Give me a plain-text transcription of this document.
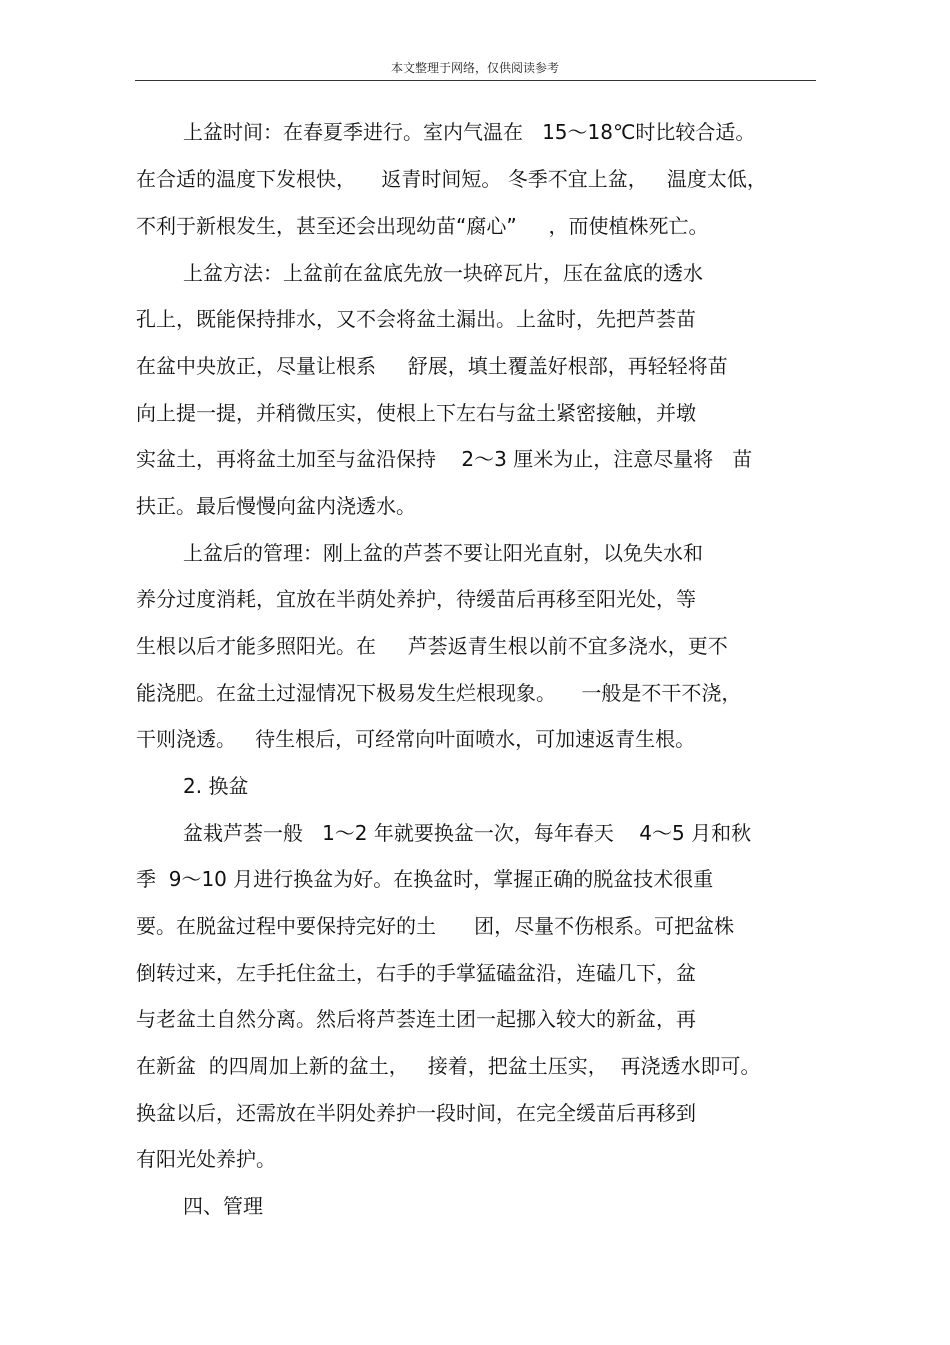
本文整理于网络，仅供阅读参考
上盆时间：在春夏季进行。室内气温在   15～18℃时比较合适。
在合适的温度下发根快，    返青时间短。 冬季不宜上盆，   温度太低，
不利于新根发生，甚至还会出现幼苗“腐心”     ，而使植株死亡。
上盆方法：上盆前在盆底先放一块碎瓦片，压在盆底的透水
孔上，既能保持排水，又不会将盆土漏出。上盆时，先把芦荟苗
在盆中央放正，尽量让根系     舒展，填土覆盖好根部，再轻轻将苗
向上提一提，并稍微压实，使根上下左右与盆土紧密接触，并墩
实盆土，再将盆土加至与盆沿保持    2～3 厘米为止，注意尽量将   苗
扶正。最后慢慢向盆内浇透水。
上盆后的管理：刚上盆的芦荟不要让阳光直射，以免失水和
养分过度消耗，宜放在半荫处养护，待缓苗后再移至阳光处，等
生根以后才能多照阳光。在     芦荟返青生根以前不宜多浇水，更不
能浇肥。在盆土过湿情况下极易发生烂根现象。    一般是不干不浇，
干则浇透。   待生根后，可经常向叶面喷水，可加速返青生根。
2. 换盆
盆栽芦荟一般   1～2 年就要换盆一次，每年春天    4～5 月和秋
季  9～10 月进行换盆为好。在换盆时，掌握正确的脱盆技术很重
要。在脱盆过程中要保持完好的土      团，尽量不伤根系。可把盆株
倒转过来，左手托住盆土，右手的手掌猛磕盆沿，连磕几下，盆
与老盆土自然分离。然后将芦荟连土团一起挪入较大的新盆，再
在新盆  的四周加上新的盆土，   接着，把盆土压实，  再浇透水即可。
换盆以后，还需放在半阴处养护一段时间，在完全缓苗后再移到
有阳光处养护。
四、管理
